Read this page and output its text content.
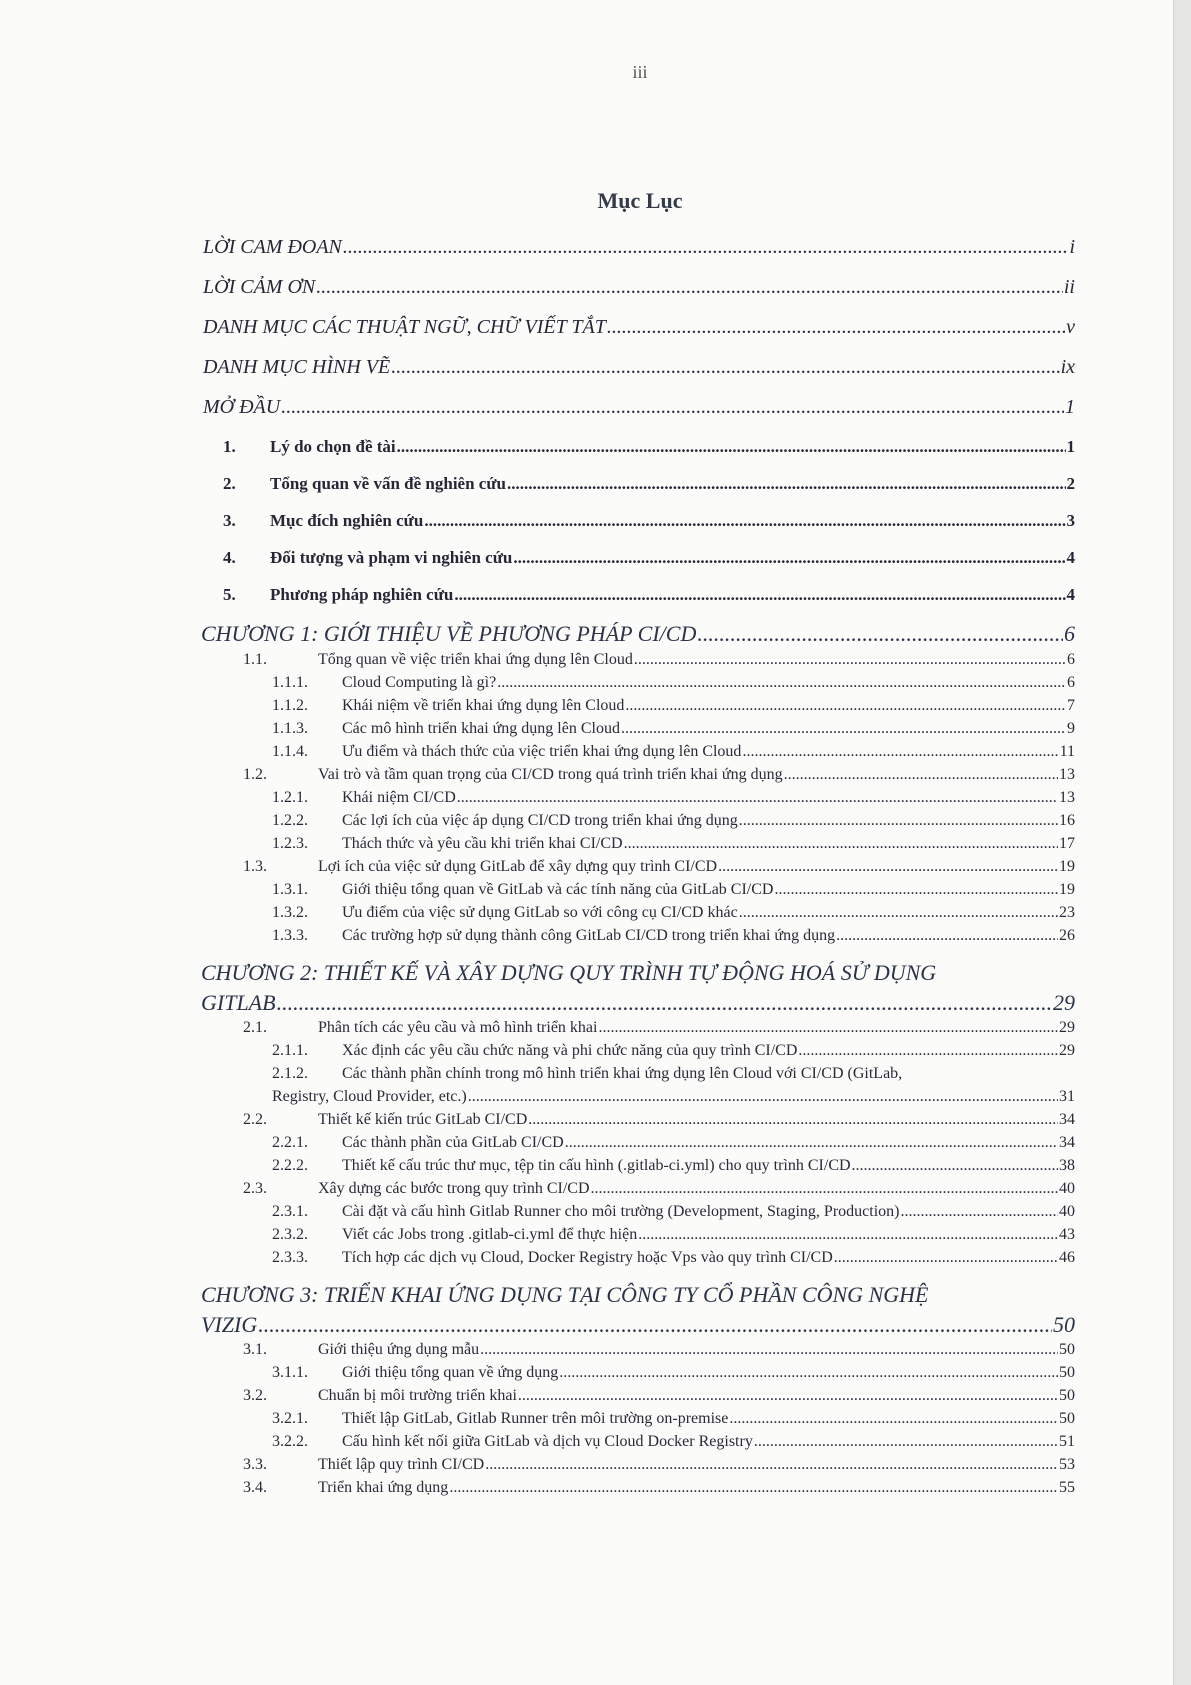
iii
Mục Lục
LỜI CAM ĐOAN .....	i
LỜI CẢM ƠN .....	ii
DANH MỤC CÁC THUẬT NGỮ, CHỮ VIẾT TẮT .....	v
DANH MỤC HÌNH VẼ .....	ix
MỞ ĐẦU .....	1
1.	Lý do chọn đề tài .....	1
2.	Tổng quan về vấn đề nghiên cứu .....	2
3.	Mục đích nghiên cứu .....	3
4.	Đối tượng và phạm vi nghiên cứu .....	4
5.	Phương pháp nghiên cứu .....	4
CHƯƠNG 1: GIỚI THIỆU VỀ PHƯƠNG PHÁP CI/CD .....	6
1.1.	Tổng quan về việc triển khai ứng dụng lên Cloud .....	6
1.1.1.	Cloud Computing là gì? .....	6
1.1.2.	Khái niệm về triển khai ứng dụng lên Cloud .....	7
1.1.3.	Các mô hình triển khai ứng dụng lên Cloud .....	9
1.1.4.	Ưu điểm và thách thức của việc triển khai ứng dụng lên Cloud .....	11
1.2.	Vai trò và tầm quan trọng của CI/CD trong quá trình triển khai ứng dụng .....	13
1.2.1.	Khái niệm CI/CD .....	13
1.2.2.	Các lợi ích của việc áp dụng CI/CD trong triển khai ứng dụng .....	16
1.2.3.	Thách thức và yêu cầu khi triển khai CI/CD .....	17
1.3.	Lợi ích của việc sử dụng GitLab để xây dựng quy trình CI/CD .....	19
1.3.1.	Giới thiệu tổng quan về GitLab và các tính năng của GitLab CI/CD .....	19
1.3.2.	Ưu điểm của việc sử dụng GitLab so với công cụ CI/CD khác .....	23
1.3.3.	Các trường hợp sử dụng thành công GitLab CI/CD trong triển khai ứng dụng .....	26
CHƯƠNG 2: THIẾT KẾ VÀ XÂY DỰNG QUY TRÌNH TỰ ĐỘNG HOÁ SỬ DỤNG
GITLAB .....	29
2.1.	Phân tích các yêu cầu và mô hình triển khai .....	29
2.1.1.	Xác định các yêu cầu chức năng và phi chức năng của quy trình CI/CD .....	29
2.1.2. Các thành phần chính trong mô hình triển khai ứng dụng lên Cloud với CI/CD (GitLab,
Registry, Cloud Provider, etc.) .....	31
2.2.	Thiết kế kiến trúc GitLab CI/CD .....	34
2.2.1.	Các thành phần của GitLab CI/CD .....	34
2.2.2.	Thiết kế cấu trúc thư mục, tệp tin cấu hình (.gitlab-ci.yml) cho quy trình CI/CD .....	38
2.3.	Xây dựng các bước trong quy trình CI/CD .....	40
2.3.1.	Cài đặt và cấu hình Gitlab Runner cho môi trường (Development, Staging, Production) .....	40
2.3.2.	Viết các Jobs trong .gitlab-ci.yml để thực hiện .....	43
2.3.3.	Tích hợp các dịch vụ Cloud, Docker Registry hoặc Vps vào quy trình CI/CD .....	46
CHƯƠNG 3: TRIỂN KHAI ỨNG DỤNG TẠI CÔNG TY CỔ PHẦN CÔNG NGHỆ
VIZIG .....	50
3.1.	Giới thiệu ứng dụng mẫu .....	50
3.1.1.	Giới thiệu tổng quan về ứng dụng .....	50
3.2.	Chuẩn bị môi trường triển khai .....	50
3.2.1.	Thiết lập GitLab, Gitlab Runner trên môi trường on-premise .....	50
3.2.2.	Cấu hình kết nối giữa GitLab và dịch vụ Cloud Docker Registry .....	51
3.3.	Thiết lập quy trình CI/CD .....	53
3.4.	Triển khai ứng dụng .....	55
